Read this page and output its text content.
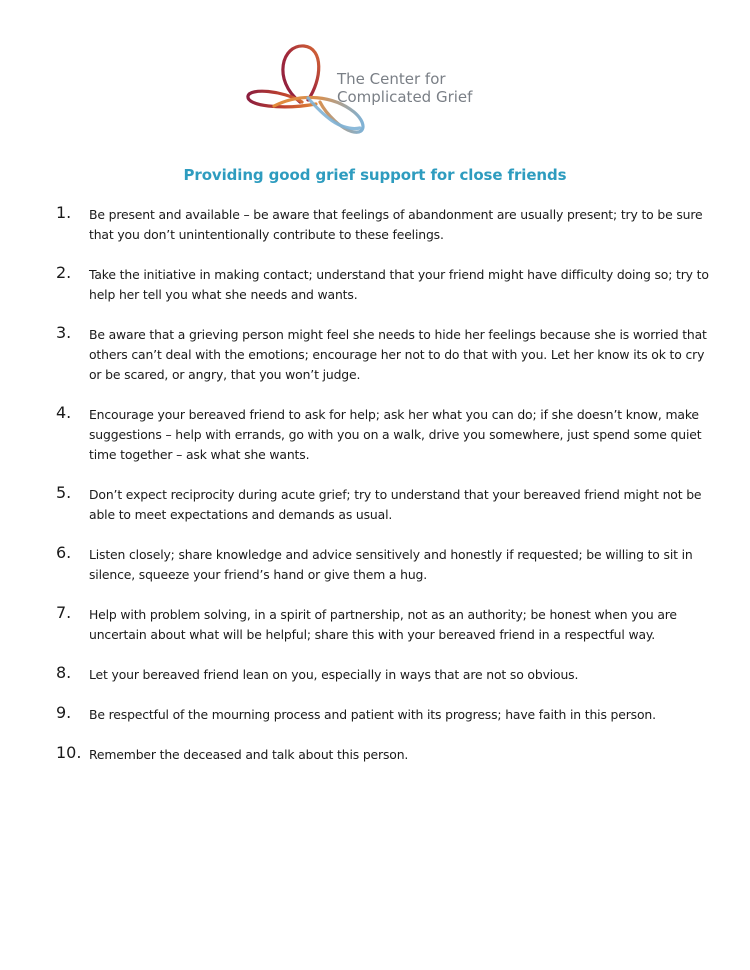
The Center for
Complicated Grief
Providing good grief support for close friends
1. Be present and available – be aware that feelings of abandonment are usually present; try to be sure that you don’t unintentionally contribute to these feelings.
2. Take the initiative in making contact; understand that your friend might have difficulty doing so; try to help her tell you what she needs and wants.
3. Be aware that a grieving person might feel she needs to hide her feelings because she is worried that others can’t deal with the emotions; encourage her not to do that with you. Let her know its ok to cry or be scared, or angry, that you won’t judge.
4. Encourage your bereaved friend to ask for help; ask her what you can do; if she doesn’t know, make suggestions – help with errands, go with you on a walk, drive you somewhere, just spend some quiet time together – ask what she wants.
5. Don’t expect reciprocity during acute grief; try to understand that your bereaved friend might not be able to meet expectations and demands as usual.
6. Listen closely; share knowledge and advice sensitively and honestly if requested; be willing to sit in silence, squeeze your friend’s hand or give them a hug.
7. Help with problem solving, in a spirit of partnership, not as an authority; be honest when you are uncertain about what will be helpful; share this with your bereaved friend in a respectful way.
8. Let your bereaved friend lean on you, especially in ways that are not so obvious.
9. Be respectful of the mourning process and patient with its progress; have faith in this person.
10. Remember the deceased and talk about this person.
